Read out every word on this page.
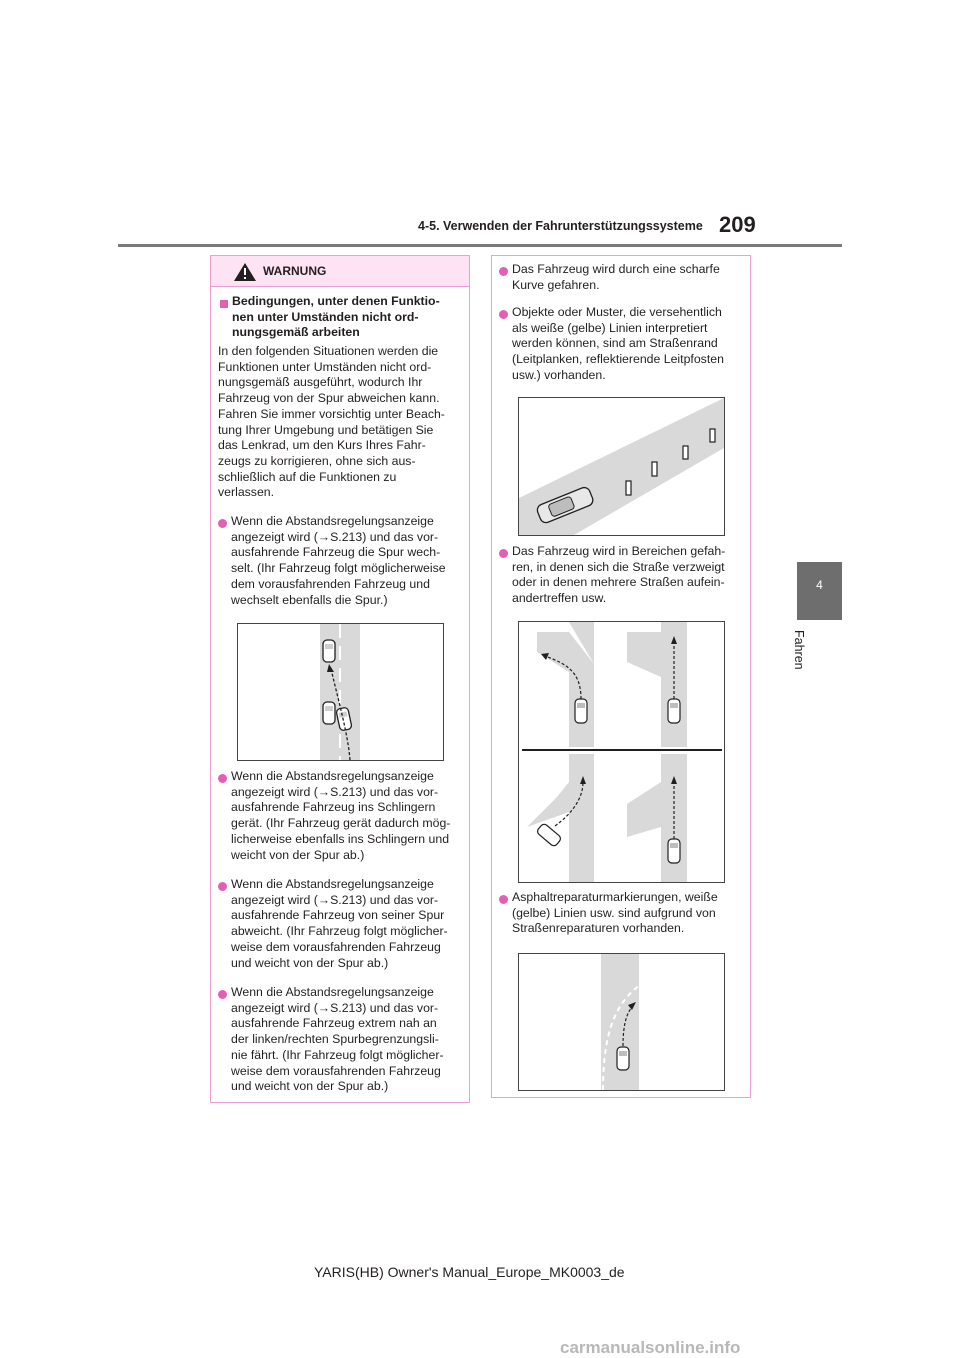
4-5. Verwenden der Fahrunterstützungssysteme 209
4
Fahren
WARNUNG

Bedingungen, unter denen Funktio-
nen unter Umständen nicht ord-
nungsgemäß arbeiten

In den folgenden Situationen werden die
Funktionen unter Umständen nicht ord-
nungsgemäß ausgeführt, wodurch Ihr
Fahrzeug von der Spur abweichen kann.
Fahren Sie immer vorsichtig unter Beach-
tung Ihrer Umgebung und betätigen Sie
das Lenkrad, um den Kurs Ihres Fahr-
zeugs zu korrigieren, ohne sich aus-
schließlich auf die Funktionen zu
verlassen.

Wenn die Abstandsregelungsanzeige
angezeigt wird (→S.213) und das vor-
ausfahrende Fahrzeug die Spur wech-
selt. (Ihr Fahrzeug folgt möglicherweise
dem vorausfahrenden Fahrzeug und
wechselt ebenfalls die Spur.)

Wenn die Abstandsregelungsanzeige
angezeigt wird (→S.213) und das vor-
ausfahrende Fahrzeug ins Schlingern
gerät. (Ihr Fahrzeug gerät dadurch mög-
licherweise ebenfalls ins Schlingern und
weicht von der Spur ab.)

Wenn die Abstandsregelungsanzeige
angezeigt wird (→S.213) und das vor-
ausfahrende Fahrzeug von seiner Spur
abweicht. (Ihr Fahrzeug folgt möglicher-
weise dem vorausfahrenden Fahrzeug
und weicht von der Spur ab.)

Wenn die Abstandsregelungsanzeige
angezeigt wird (→S.213) und das vor-
ausfahrende Fahrzeug extrem nah an
der linken/rechten Spurbegrenzungsli-
nie fährt. (Ihr Fahrzeug folgt möglicher-
weise dem vorausfahrenden Fahrzeug
und weicht von der Spur ab.)

Das Fahrzeug wird durch eine scharfe
Kurve gefahren.

Objekte oder Muster, die versehentlich
als weiße (gelbe) Linien interpretiert
werden können, sind am Straßenrand
(Leitplanken, reflektierende Leitpfosten
usw.) vorhanden.

Das Fahrzeug wird in Bereichen gefah-
ren, in denen sich die Straße verzweigt
oder in denen mehrere Straßen aufein-
andertreffen usw.

Asphaltreparaturmarkierungen, weiße
(gelbe) Linien usw. sind aufgrund von
Straßenreparaturen vorhanden.

YARIS(HB) Owner's Manual_Europe_MK0003_de
carmanualsonline.info
